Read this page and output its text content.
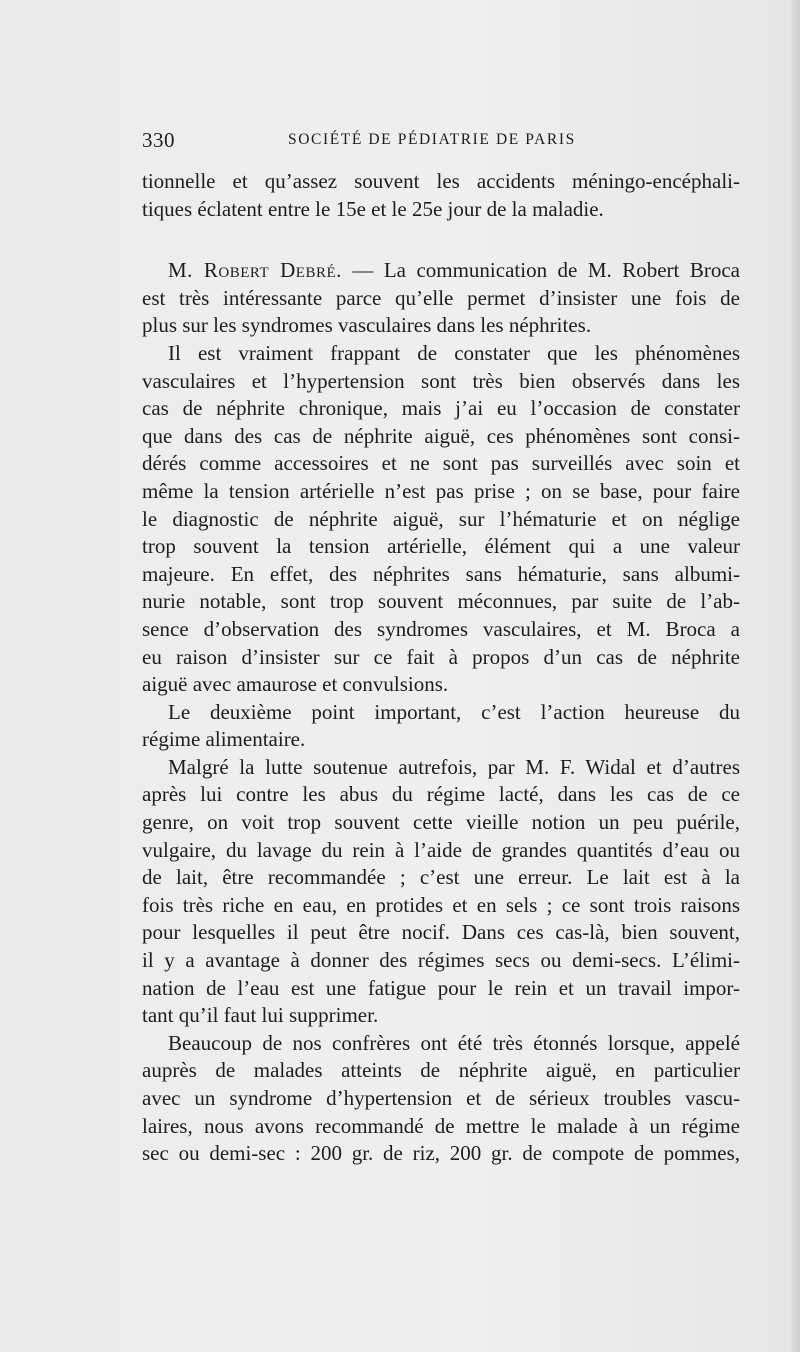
330	SOCIÉTÉ DE PÉDIATRIE DE PARIS

tionnelle et qu’assez souvent les accidents méningo-encéphali-

tiques éclatent entre le 15e et le 25e jour de la maladie.

M. Robert Debré. — La communication de M. Robert Broca

est très intéressante parce qu’elle permet d’insister une fois de

plus sur les syndromes vasculaires dans les néphrites.

Il est vraiment frappant de constater que les phénomènes

vasculaires et l’hypertension sont très bien observés dans les

cas de néphrite chronique, mais j’ai eu l’occasion de constater

que dans des cas de néphrite aiguë, ces phénomènes sont consi-

dérés comme accessoires et ne sont pas surveillés avec soin et

même la tension artérielle n’est pas prise ; on se base, pour faire

le diagnostic de néphrite aiguë, sur l’hématurie et on néglige

trop souvent la tension artérielle, élément qui a une valeur

majeure. En effet, des néphrites sans hématurie, sans albumi-

nurie notable, sont trop souvent méconnues, par suite de l’ab-

sence d’observation des syndromes vasculaires, et M. Broca a

eu raison d’insister sur ce fait à propos d’un cas de néphrite

aiguë avec amaurose et convulsions.

Le deuxième point important, c’est l’action heureuse du

régime alimentaire.

Malgré la lutte soutenue autrefois, par M. F. Widal et d’autres

après lui contre les abus du régime lacté, dans les cas de ce

genre, on voit trop souvent cette vieille notion un peu puérile,

vulgaire, du lavage du rein à l’aide de grandes quantités d’eau ou

de lait, être recommandée ; c’est une erreur. Le lait est à la

fois très riche en eau, en protides et en sels ; ce sont trois raisons

pour lesquelles il peut être nocif. Dans ces cas-là, bien souvent,

il y a avantage à donner des régimes secs ou demi-secs. L’élimi-

nation de l’eau est une fatigue pour le rein et un travail impor-

tant qu’il faut lui supprimer.

Beaucoup de nos confrères ont été très étonnés lorsque, appelé

auprès de malades atteints de néphrite aiguë, en particulier

avec un syndrome d’hypertension et de sérieux troubles vascu-

laires, nous avons recommandé de mettre le malade à un régime

sec ou demi-sec : 200 gr. de riz, 200 gr. de compote de pommes,
